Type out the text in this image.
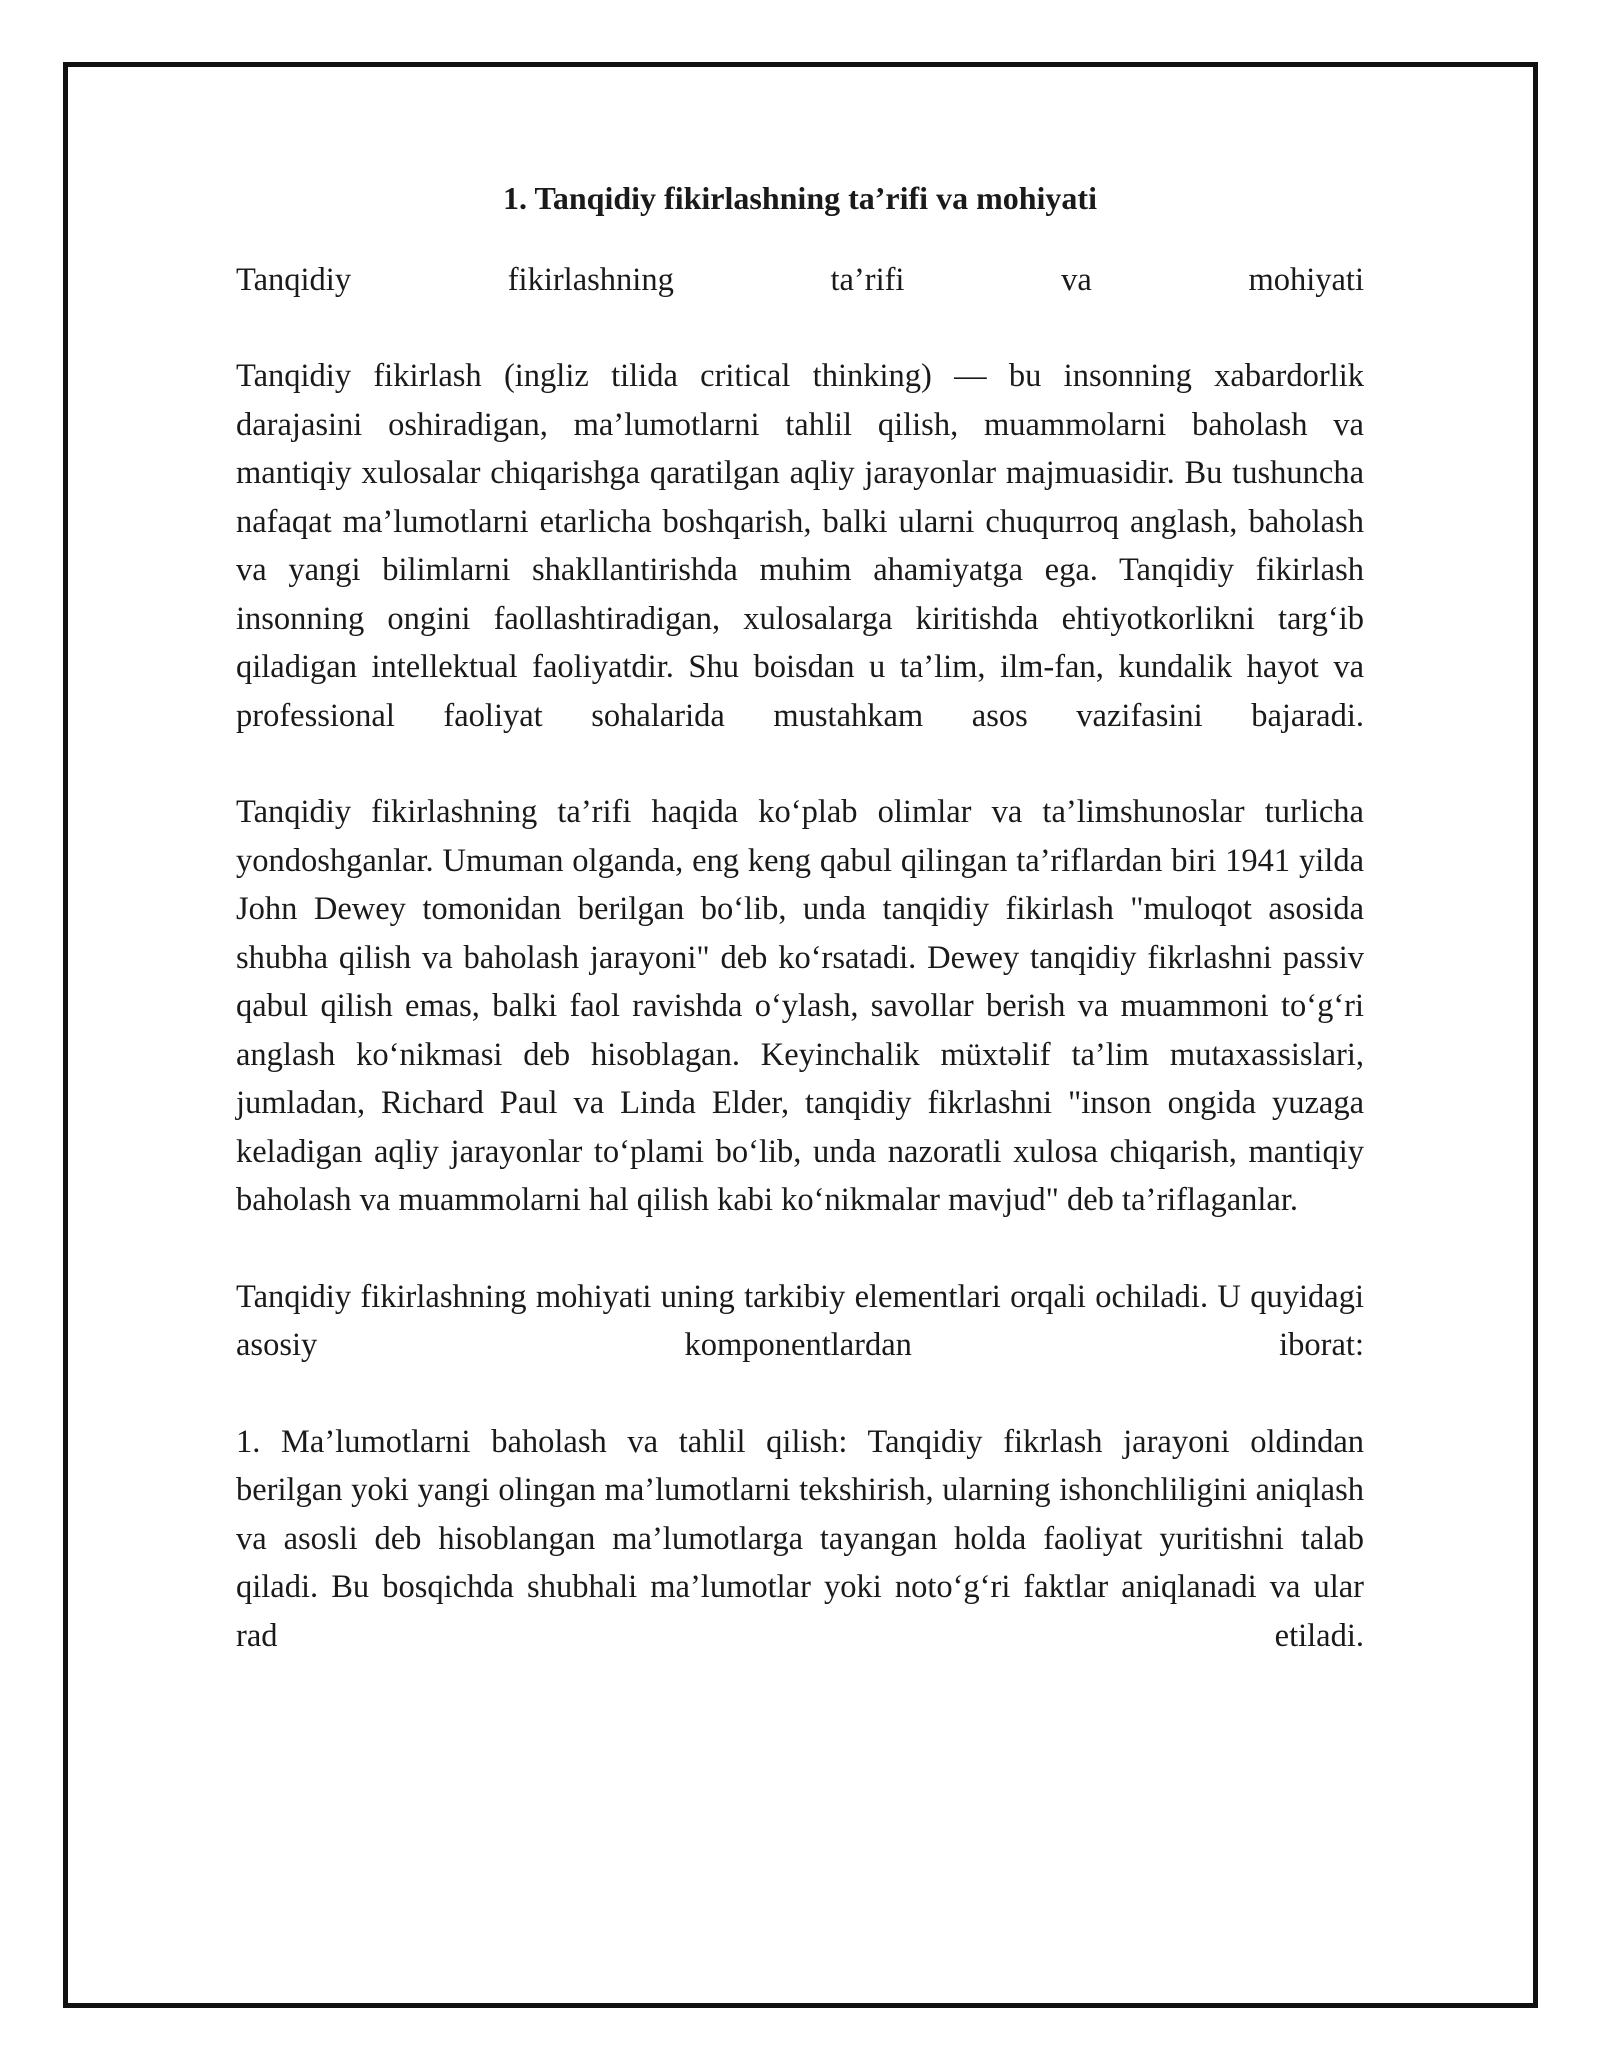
1. Tanqidiy fikirlashning ta’rifi va mohiyati

Tanqidiy fikirlashning ta’rifi va mohiyati

Tanqidiy fikirlash (ingliz tilida critical thinking) — bu insonning xabardorlik darajasini oshiradigan, ma’lumotlarni tahlil qilish, muammolarni baholash va mantiqiy xulosalar chiqarishga qaratilgan aqliy jarayonlar majmuasidir. Bu tushuncha nafaqat ma’lumotlarni etarlicha boshqarish, balki ularni chuqurroq anglash, baholash va yangi bilimlarni shakllantirishda muhim ahamiyatga ega. Tanqidiy fikirlash insonning ongini faollashtiradigan, xulosalarga kiritishda ehtiyotkorlikni targ‘ib qiladigan intellektual faoliyatdir. Shu boisdan u ta’lim, ilm-fan, kundalik hayot va professional faoliyat sohalarida mustahkam asos vazifasini bajaradi.

Tanqidiy fikirlashning ta’rifi haqida ko‘plab olimlar va ta’limshunoslar turlicha yondoshganlar. Umuman olganda, eng keng qabul qilingan ta’riflardan biri 1941 yilda John Dewey tomonidan berilgan bo‘lib, unda tanqidiy fikirlash "muloqot asosida shubha qilish va baholash jarayoni" deb ko‘rsatadi. Dewey tanqidiy fikrlashni passiv qabul qilish emas, balki faol ravishda o‘ylash, savollar berish va muammoni to‘g‘ri anglash ko‘nikmasi deb hisoblagan. Keyinchalik müxtəlif ta’lim mutaxassislari, jumladan, Richard Paul va Linda Elder, tanqidiy fikrlashni "inson ongida yuzaga keladigan aqliy jarayonlar to‘plami bo‘lib, unda nazoratli xulosa chiqarish, mantiqiy baholash va muammolarni hal qilish kabi ko‘nikmalar mavjud" deb ta’riflaganlar.

Tanqidiy fikirlashning mohiyati uning tarkibiy elementlari orqali ochiladi. U quyidagi asosiy komponentlardan iborat:

1. Ma’lumotlarni baholash va tahlil qilish: Tanqidiy fikrlash jarayoni oldindan berilgan yoki yangi olingan ma’lumotlarni tekshirish, ularning ishonchliligini aniqlash va asosli deb hisoblangan ma’lumotlarga tayangan holda faoliyat yuritishni talab qiladi. Bu bosqichda shubhali ma’lumotlar yoki noto‘g‘ri faktlar aniqlanadi va ular rad etiladi.
